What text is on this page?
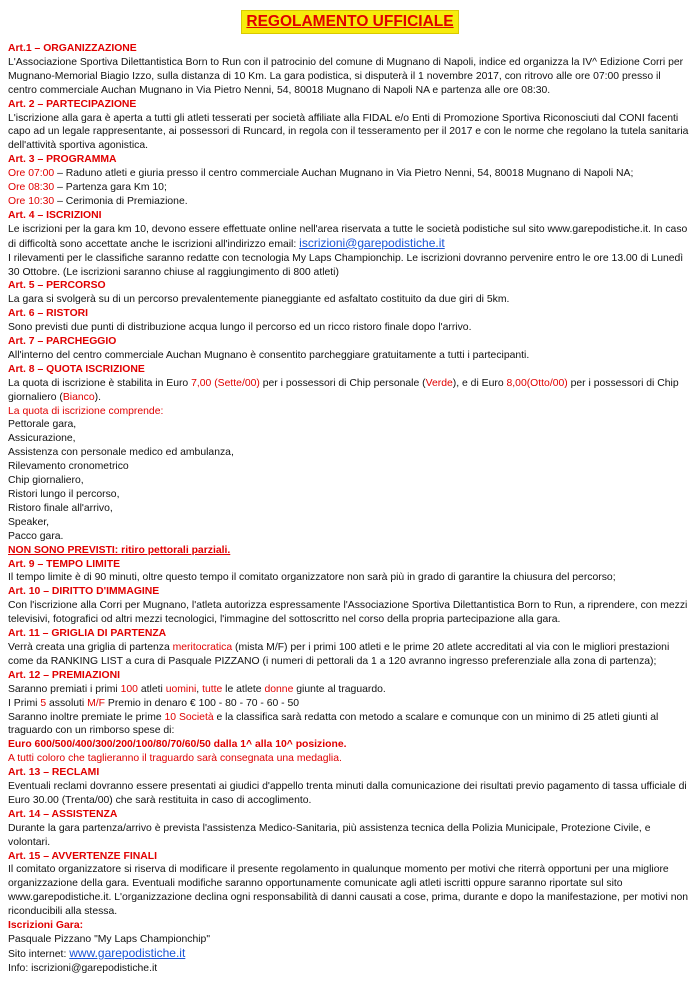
REGOLAMENTO UFFICIALE
Art.1 – ORGANIZZAZIONE
L'Associazione Sportiva Dilettantistica Born to Run con il patrocinio del comune di Mugnano di Napoli, indice ed organizza la IV^ Edizione Corri per Mugnano-Memorial Biagio Izzo, sulla distanza di 10 Km. La gara podistica, si disputerà il 1 novembre 2017, con ritrovo alle ore 07:00 presso il centro commerciale Auchan Mugnano in Via Pietro Nenni, 54, 80018 Mugnano di Napoli NA e partenza alle ore 08:30.
Art. 2 – PARTECIPAZIONE
L'iscrizione alla gara è aperta a tutti gli atleti tesserati per società affiliate alla FIDAL e/o Enti di Promozione Sportiva Riconosciuti dal CONI facenti capo ad un legale rappresentante, ai possessori di Runcard, in regola con il tesseramento per il 2017 e con le norme che regolano la tutela sanitaria dell'attività sportiva agonistica.
Art. 3 – PROGRAMMA
Ore 07:00 – Raduno atleti e giuria presso il centro commerciale Auchan Mugnano in Via Pietro Nenni, 54, 80018 Mugnano di Napoli NA;
Ore 08:30 – Partenza gara Km 10;
Ore 10:30 – Cerimonia di Premiazione.
Art. 4 – ISCRIZIONI
Le iscrizioni per la gara km 10, devono essere effettuate online nell'area riservata a tutte le società podistiche sul sito www.garepodistiche.it. In caso di difficoltà sono accettate anche le iscrizioni all'indirizzo email: iscrizioni@garepodistiche.it
I rilevamenti per le classifiche saranno redatte con tecnologia My Laps Championchip. Le iscrizioni dovranno pervenire entro le ore 13.00 di Lunedì 30 Ottobre. (Le iscrizioni saranno chiuse al raggiungimento di 800 atleti)
Art. 5 – PERCORSO
La gara si svolgerà su di un percorso prevalentemente pianeggiante ed asfaltato costituito da due giri di 5km.
Art. 6 – RISTORI
Sono previsti due punti di distribuzione acqua lungo il percorso ed un ricco ristoro finale dopo l'arrivo.
Art. 7 – PARCHEGGIO
All'interno del centro commerciale Auchan Mugnano è consentito parcheggiare gratuitamente a tutti i partecipanti.
Art. 8 – QUOTA ISCRIZIONE
La quota di iscrizione è stabilita in Euro 7,00 (Sette/00) per i possessori di Chip personale (Verde), e di Euro 8,00(Otto/00) per i possessori di Chip giornaliero (Bianco).
La quota di iscrizione comprende:
Pettorale gara,
Assicurazione,
Assistenza con personale medico ed ambulanza,
Rilevamento cronometrico
Chip giornaliero,
Ristori lungo il percorso,
Ristoro finale all'arrivo,
Speaker,
Pacco gara.
NON SONO PREVISTI: ritiro pettorali parziali.
Art. 9 – TEMPO LIMITE
Il tempo limite è di 90 minuti, oltre questo tempo il comitato organizzatore non sarà più in grado di garantire la chiusura del percorso;
Art. 10 – DIRITTO D'IMMAGINE
Con l'iscrizione alla Corri per Mugnano, l'atleta autorizza espressamente l'Associazione Sportiva Dilettantistica Born to Run, a riprendere, con mezzi televisivi, fotografici od altri mezzi tecnologici, l'immagine del sottoscritto nel corso della propria partecipazione alla gara.
Art. 11 – GRIGLIA DI PARTENZA
Verrà creata una griglia di partenza meritocratica (mista M/F) per i primi 100 atleti e le prime 20 atlete accreditati al via con le migliori prestazioni come da RANKING LIST a cura di Pasquale PIZZANO (i numeri di pettorali da 1 a 120 avranno ingresso preferenziale alla zona di partenza);
Art. 12 – PREMIAZIONI
Saranno premiati i primi 100 atleti uomini, tutte le atlete donne giunte al traguardo.
I Primi 5 assoluti M/F Premio in denaro € 100 - 80 - 70 - 60 - 50
Saranno inoltre premiate le prime 10 Società e la classifica sarà redatta con metodo a scalare e comunque con un minimo di 25 atleti giunti al traguardo con un rimborso spese di:
Euro 600/500/400/300/200/100/80/70/60/50 dalla 1^ alla 10^ posizione.
A tutti coloro che taglieranno il traguardo sarà consegnata una medaglia.
Art. 13 – RECLAMI
Eventuali reclami dovranno essere presentati ai giudici d'appello trenta minuti dalla comunicazione dei risultati previo pagamento di tassa ufficiale di Euro 30.00 (Trenta/00) che sarà restituita in caso di accoglimento.
Art. 14 – ASSISTENZA
Durante la gara partenza/arrivo è prevista l'assistenza Medico-Sanitaria, più assistenza tecnica della Polizia Municipale, Protezione Civile, e volontari.
Art. 15 – AVVERTENZE FINALI
Il comitato organizzatore si riserva di modificare il presente regolamento in qualunque momento per motivi che riterrà opportuni per una migliore organizzazione della gara. Eventuali modifiche saranno opportunamente comunicate agli atleti iscritti oppure saranno riportate sul sito www.garepodistiche.it. L'organizzazione declina ogni responsabilità di danni causati a cose, prima, durante e dopo la manifestazione, per motivi non riconducibili alla stessa.
Iscrizioni Gara:
Pasquale Pizzano "My Laps Championchip"
Sito internet: www.garepodistiche.it
Info: iscrizioni@garepodistiche.it
